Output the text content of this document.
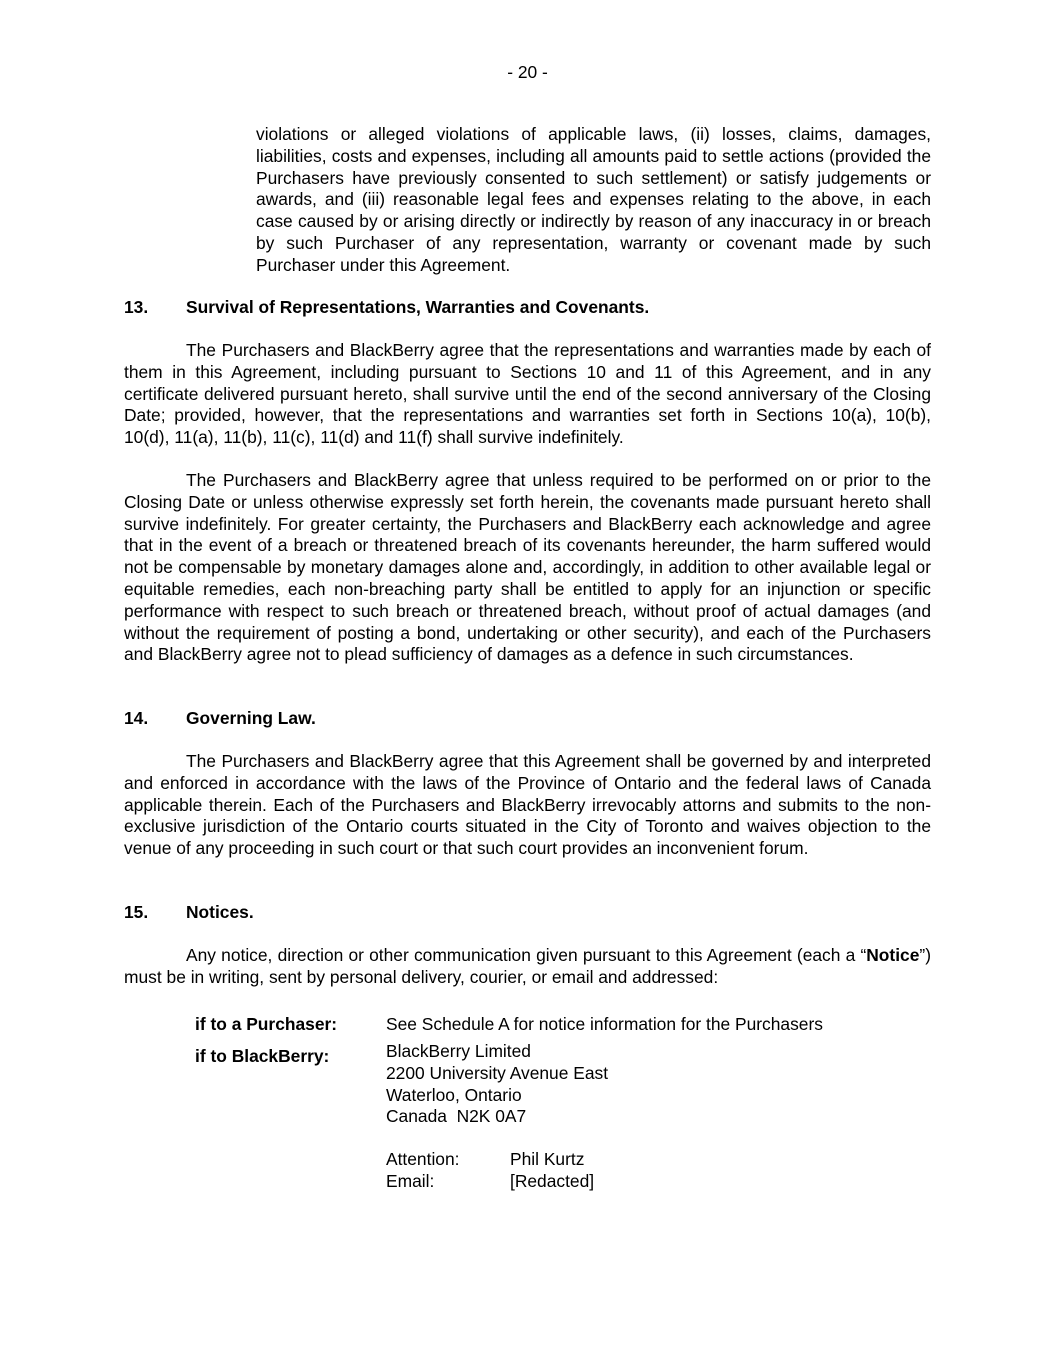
- 20 -
violations or alleged violations of applicable laws, (ii) losses, claims, damages, liabilities, costs and expenses, including all amounts paid to settle actions (provided the Purchasers have previously consented to such settlement) or satisfy judgements or awards, and (iii) reasonable legal fees and expenses relating to the above, in each case caused by or arising directly or indirectly by reason of any inaccuracy in or breach by such Purchaser of any representation, warranty or covenant made by such Purchaser under this Agreement.
13. Survival of Representations, Warranties and Covenants.
The Purchasers and BlackBerry agree that the representations and warranties made by each of them in this Agreement, including pursuant to Sections 10 and 11 of this Agreement, and in any certificate delivered pursuant hereto, shall survive until the end of the second anniversary of the Closing Date; provided, however, that the representations and warranties set forth in Sections 10(a), 10(b), 10(d), 11(a), 11(b), 11(c), 11(d) and 11(f) shall survive indefinitely.
The Purchasers and BlackBerry agree that unless required to be performed on or prior to the Closing Date or unless otherwise expressly set forth herein, the covenants made pursuant hereto shall survive indefinitely. For greater certainty, the Purchasers and BlackBerry each acknowledge and agree that in the event of a breach or threatened breach of its covenants hereunder, the harm suffered would not be compensable by monetary damages alone and, accordingly, in addition to other available legal or equitable remedies, each non-breaching party shall be entitled to apply for an injunction or specific performance with respect to such breach or threatened breach, without proof of actual damages (and without the requirement of posting a bond, undertaking or other security), and each of the Purchasers and BlackBerry agree not to plead sufficiency of damages as a defence in such circumstances.
14. Governing Law.
The Purchasers and BlackBerry agree that this Agreement shall be governed by and interpreted and enforced in accordance with the laws of the Province of Ontario and the federal laws of Canada applicable therein. Each of the Purchasers and BlackBerry irrevocably attorns and submits to the non-exclusive jurisdiction of the Ontario courts situated in the City of Toronto and waives objection to the venue of any proceeding in such court or that such court provides an inconvenient forum.
15. Notices.
Any notice, direction or other communication given pursuant to this Agreement (each a “Notice”) must be in writing, sent by personal delivery, courier, or email and addressed:
if to a Purchaser:	See Schedule A for notice information for the Purchasers
if to BlackBerry:	BlackBerry Limited
2200 University Avenue East
Waterloo, Ontario
Canada  N2K 0A7
Attention:	Phil Kurtz
Email:	[Redacted]
